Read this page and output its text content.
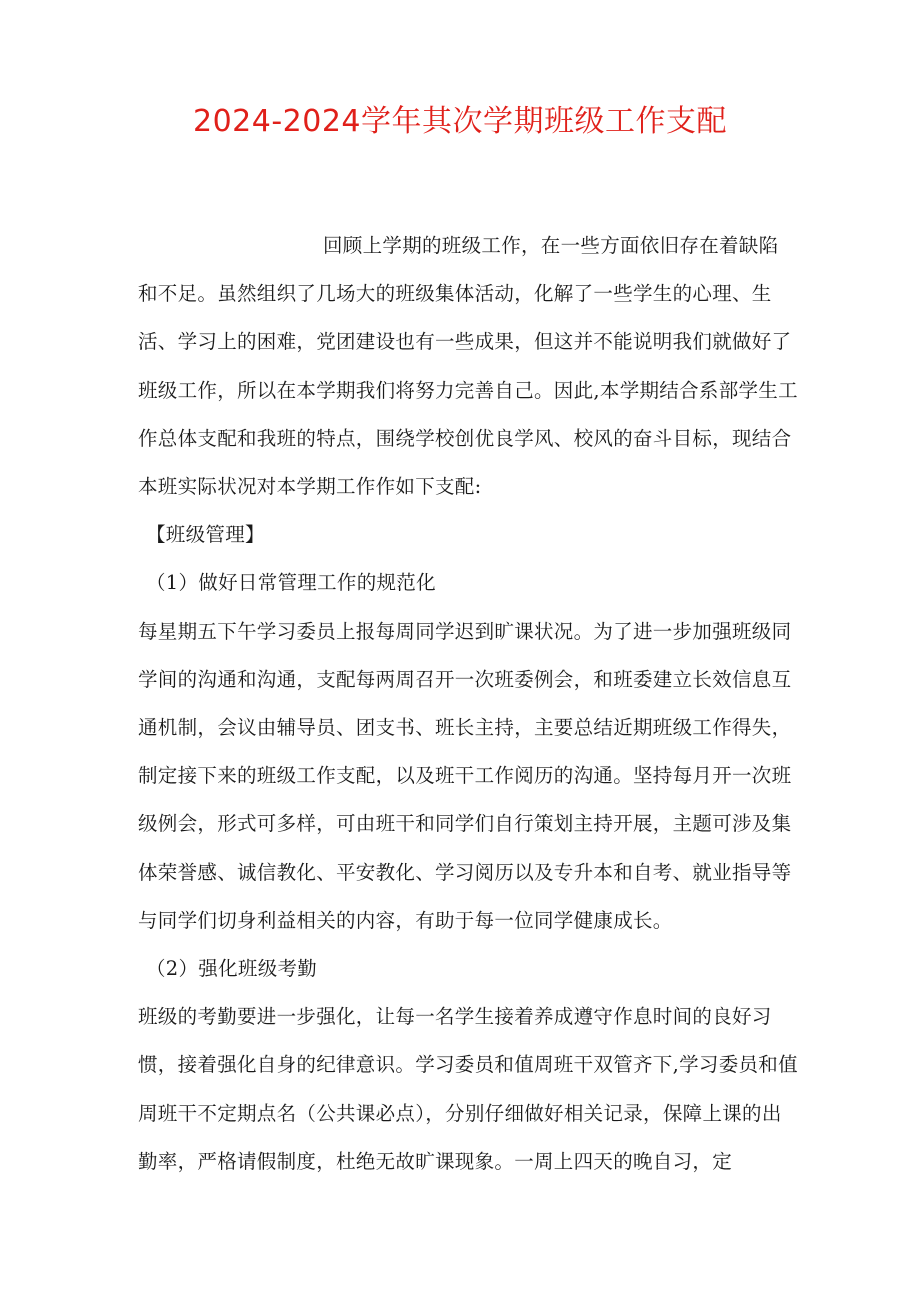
2024-2024学年其次学期班级工作支配

回顾上学期的班级工作，在一些方面依旧存在着缺陷和不足。虽然组织了几场大的班级集体活动，化解了一些学生的心理、生活、学习上的困难，党团建设也有一些成果，但这并不能说明我们就做好了班级工作，所以在本学期我们将努力完善自己。因此,本学期结合系部学生工作总体支配和我班的特点，围绕学校创优良学风、校风的奋斗目标，现结合本班实际状况对本学期工作作如下支配:

【班级管理】

（1）做好日常管理工作的规范化

每星期五下午学习委员上报每周同学迟到旷课状况。为了进一步加强班级同学间的沟通和沟通，支配每两周召开一次班委例会，和班委建立长效信息互通机制，会议由辅导员、团支书、班长主持，主要总结近期班级工作得失，制定接下来的班级工作支配，以及班干工作阅历的沟通。坚持每月开一次班级例会，形式可多样，可由班干和同学们自行策划主持开展，主题可涉及集体荣誉感、诚信教化、平安教化、学习阅历以及专升本和自考、就业指导等与同学们切身利益相关的内容，有助于每一位同学健康成长。

（2）强化班级考勤

班级的考勤要进一步强化，让每一名学生接着养成遵守作息时间的良好习惯，接着强化自身的纪律意识。学习委员和值周班干双管齐下,学习委员和值周班干不定期点名（公共课必点），分别仔细做好相关记录，保障上课的出勤率，严格请假制度，杜绝无故旷课现象。一周上四天的晚自习，定
